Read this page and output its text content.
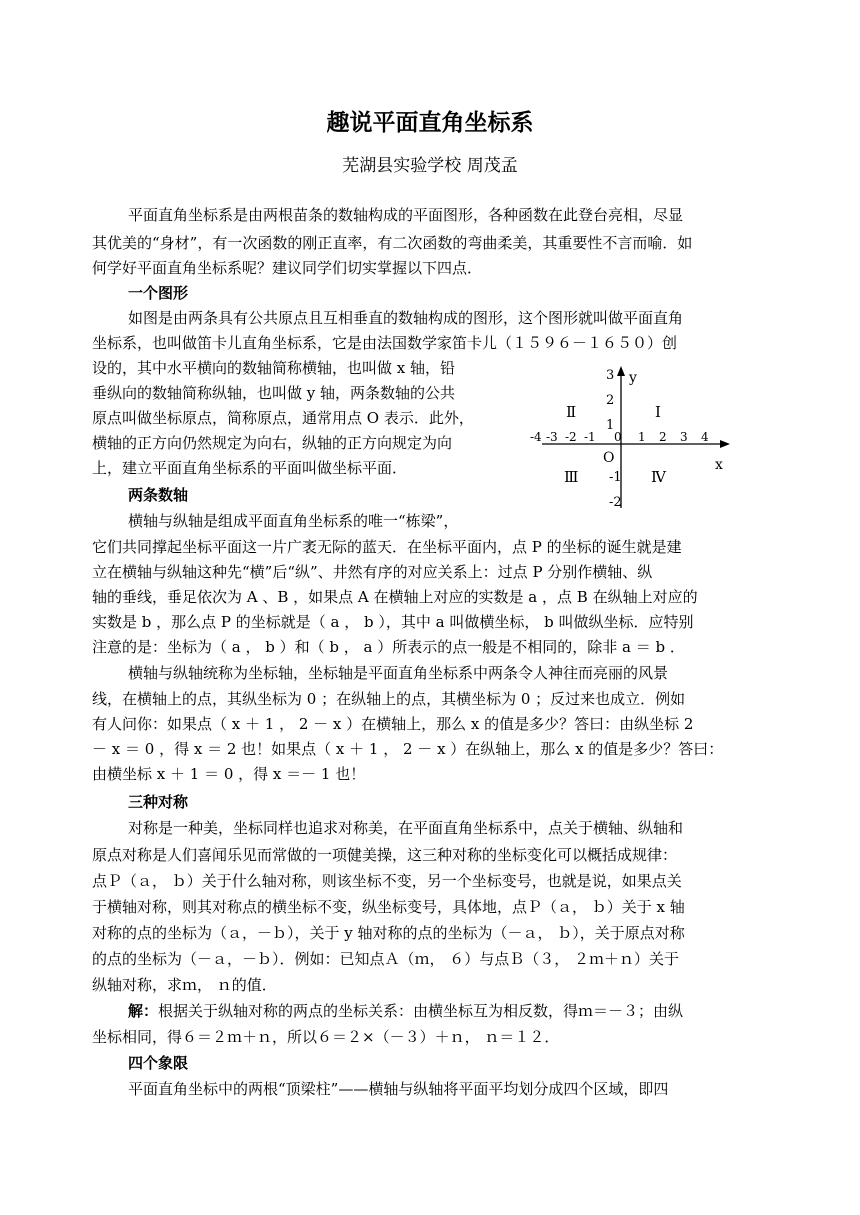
趣说平面直角坐标系
芜湖县实验学校 周茂孟
平面直角坐标系是由两根苗条的数轴构成的平面图形，各种函数在此登台亮相，尽显
其优美的“身材”，有一次函数的刚正直率，有二次函数的弯曲柔美，其重要性不言而喻．如
何学好平面直角坐标系呢？建议同学们切实掌握以下四点．
一个图形
如图是由两条具有公共原点且互相垂直的数轴构成的图形，这个图形就叫做平面直角
坐标系，也叫做笛卡儿直角坐标系，它是由法国数学家笛卡儿（１５９６－１６５０）创
设的，其中水平横向的数轴简称横轴，也叫做 x 轴，铅
垂纵向的数轴简称纵轴，也叫做 y 轴，两条数轴的公共
原点叫做坐标原点，简称原点，通常用点 O 表示．此外，
横轴的正方向仍然规定为向右，纵轴的正方向规定为向
上，建立平面直角坐标系的平面叫做坐标平面．
y
x
O
3
2
1
-1
-2
-4 -3 -2 -1 0 1 2 3 4
Ⅰ
Ⅱ
Ⅲ	Ⅳ
两条数轴
横轴与纵轴是组成平面直角坐标系的唯一“栋梁”，
它们共同撑起坐标平面这一片广袤无际的蓝天．在坐标平面内，点 P 的坐标的诞生就是建
立在横轴与纵轴这种先“横”后“纵”、井然有序的对应关系上：过点 P 分别作横轴、纵
轴的垂线，垂足依次为 A 、B ，如果点 A 在横轴上对应的实数是 a ，点 B 在纵轴上对应的
实数是 b ，那么点 P 的坐标就是（ a ， b ），其中 a 叫做横坐标， b 叫做纵坐标．应特别
注意的是：坐标为（ a ， b ）和（ b ， a ）所表示的点一般是不相同的，除非 a ＝ b ．
横轴与纵轴统称为坐标轴，坐标轴是平面直角坐标系中两条令人神往而亮丽的风景
线，在横轴上的点，其纵坐标为 0 ；在纵轴上的点，其横坐标为 0 ；反过来也成立．例如
有人问你：如果点（ x ＋ 1 ， 2 － x ）在横轴上，那么 x 的值是多少？答曰：由纵坐标 2
－ x ＝ 0 ，得 x ＝ 2 也！如果点（ x ＋ 1 ， 2 － x ）在纵轴上，那么 x 的值是多少？答曰：
由横坐标 x ＋ 1 ＝ 0 ，得 x ＝－ 1 也！
三种对称
对称是一种美，坐标同样也追求对称美，在平面直角坐标系中，点关于横轴、纵轴和
原点对称是人们喜闻乐见而常做的一项健美操，这三种对称的坐标变化可以概括成规律：
点Ｐ（ａ， ｂ）关于什么轴对称，则该坐标不变，另一个坐标变号，也就是说，如果点关
于横轴对称，则其对称点的横坐标不变，纵坐标变号，具体地，点Ｐ（ａ， ｂ）关于 x 轴
对称的点的坐标为（ａ，－ｂ），关于 y 轴对称的点的坐标为（－ａ， ｂ），关于原点对称
的点的坐标为（－ａ，－ｂ）．例如：已知点Ａ（ｍ， ６）与点Ｂ（３， ２ｍ＋ｎ）关于
纵轴对称，求ｍ， ｎ的值．
解：根据关于纵轴对称的两点的坐标关系：由横坐标互为相反数，得ｍ＝－３；由纵
坐标相同，得６＝２ｍ＋ｎ，所以６＝２×（－３）＋ｎ， ｎ＝１２．
四个象限
平面直角坐标中的两根“顶梁柱”——横轴与纵轴将平面平均划分成四个区域，即四
